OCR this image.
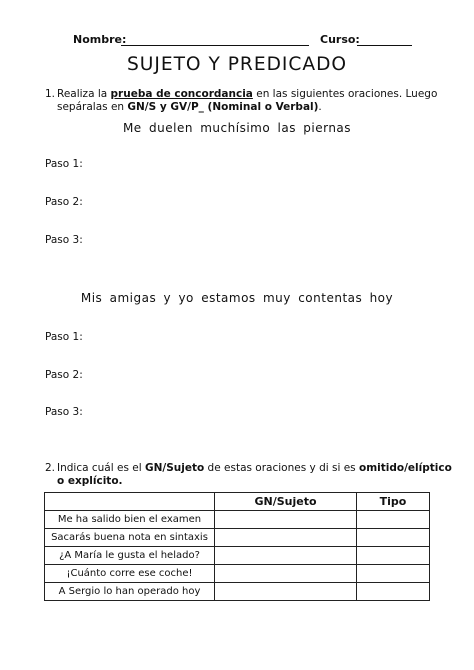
Nombre:	Curso:
SUJETO Y PREDICADO
1. Realiza la prueba de concordancia en las siguientes oraciones. Luego sepáralas en GN/S y GV/P_ (Nominal o Verbal).
Me duelen muchísimo las piernas
Paso 1:
Paso 2:
Paso 3:
Mis amigas y yo estamos muy contentas hoy
Paso 1:
Paso 2:
Paso 3:
2. Indica cuál es el GN/Sujeto de estas oraciones y di si es omitido/elíptico o explícito.
	GN/Sujeto	Tipo
Me ha salido bien el examen		
Sacarás buena nota en sintaxis		
¿A María le gusta el helado?		
¡Cuánto corre ese coche!		
A Sergio lo han operado hoy		
